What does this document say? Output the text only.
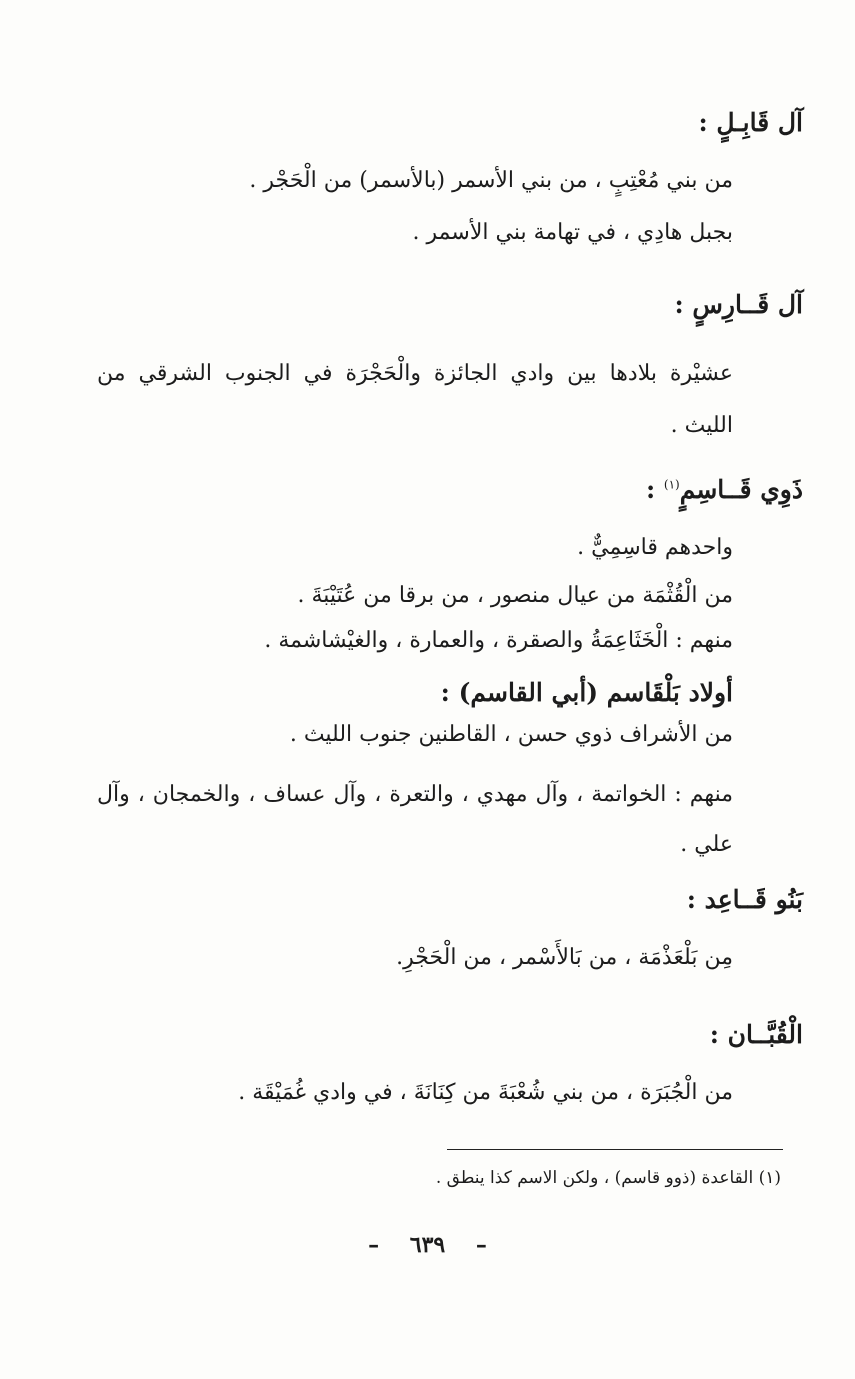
آل قَابِـلٍ :
من بني مُعْتِبٍ ، من بني الأسمر (بالأسمر) من الْحَجْر .
بجبل هادِي ، في تهامة بني الأسمر .
آل قَــارِسٍ :
عشيْرة بلادها بين وادي الجائزة والْحَجْرَة في الجنوب الشرقي من الليث .
ذَوِي قَــاسِمٍ$^{(١)}$ :
واحدهم قاسِمِيٌّ .
من الْقُثْمَة من عيال منصور ، من برقا من عُتَيْبَةَ .
منهم : الْخَثَاعِمَةُ والصقرة ، والعمارة ، والغيْشاشمة .
أولاد بَلْقَاسم (أبي القاسم) :
من الأشراف ذوي حسن ، القاطنين جنوب الليث .
منهم : الخواتمة ، وآل مهدي ، والتعرة ، وآل عساف ، والخمجان ، وآل علي .
بَنُو قَــاعِد :
مِن بَلْعَذْمَة ، من بَالأَسْمر ، من الْحَجْرِ.
الْقُبَّــان :
من الْجُبَرَة ، من بني شُعْبَةَ من كِنَانَةَ ، في وادي غُمَيْقَة .
(١) القاعدة (ذوو قاسم) ، ولكن الاسم كذا ينطق .
– ٦٣٩ –
